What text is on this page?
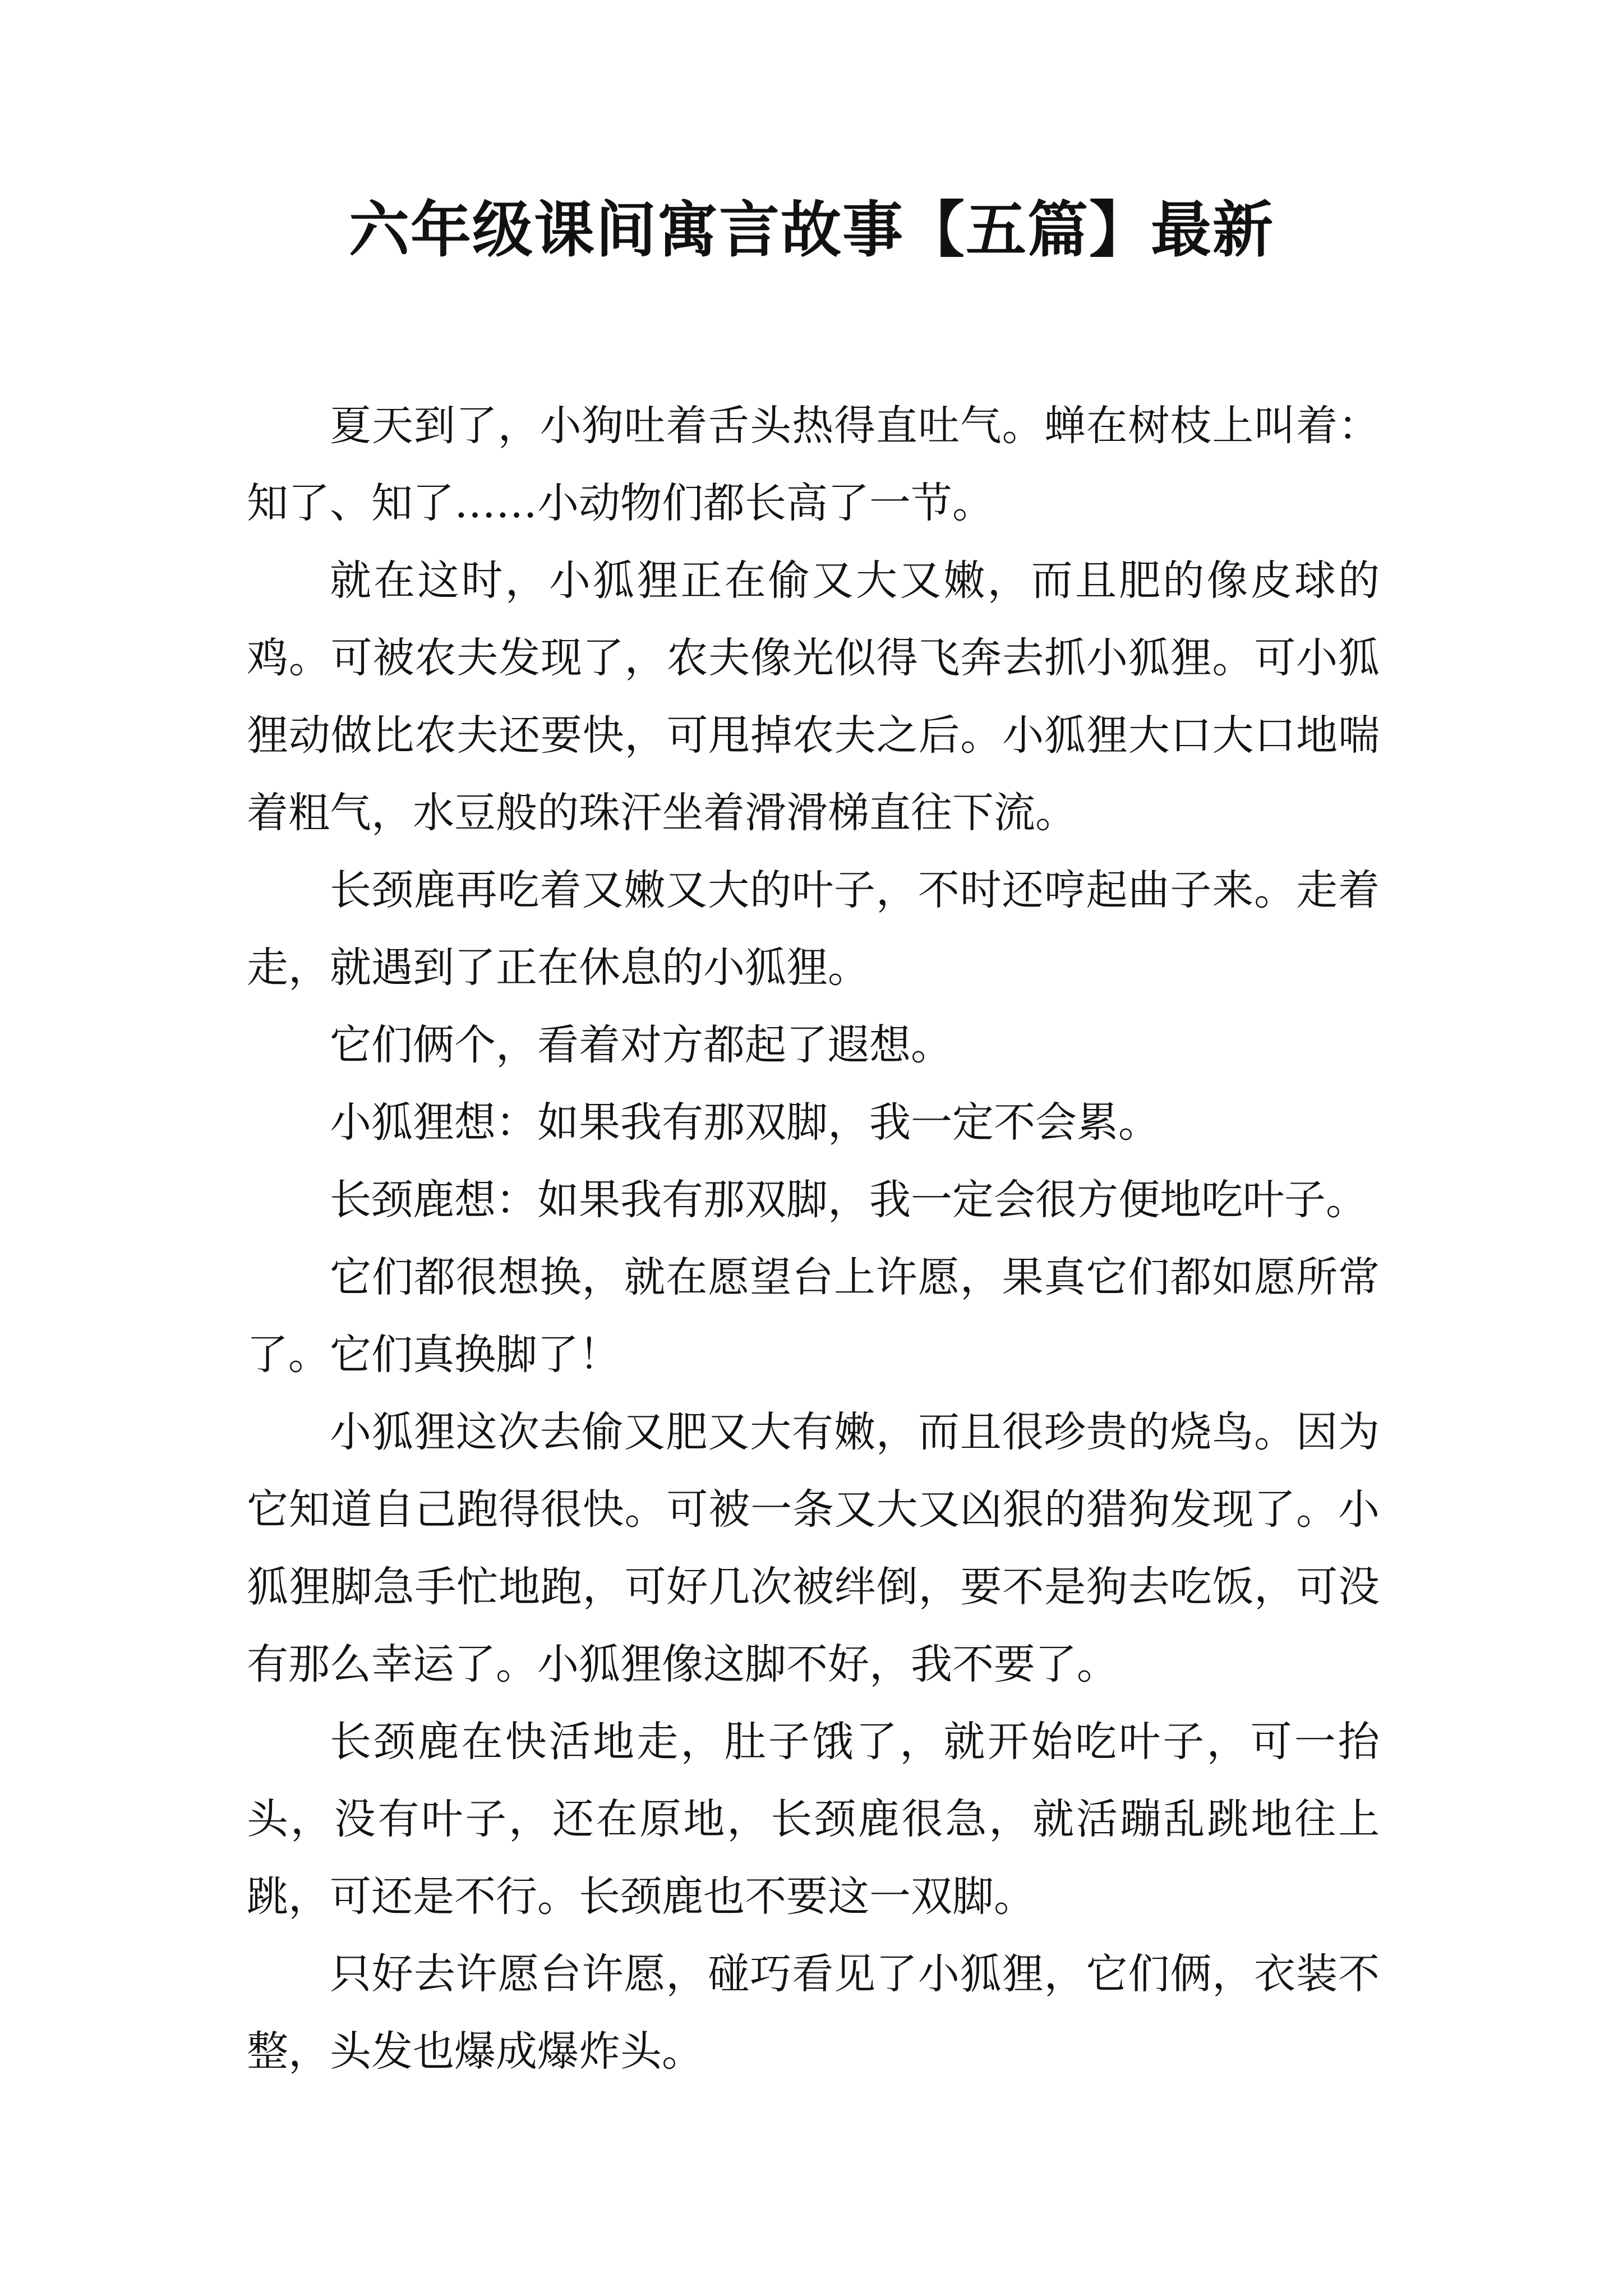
六年级课间寓言故事【五篇】最新

夏天到了，小狗吐着舌头热得直吐气。蝉在树枝上叫着：知了、知了……小动物们都长高了一节。

就在这时，小狐狸正在偷又大又嫩，而且肥的像皮球的鸡。可被农夫发现了，农夫像光似得飞奔去抓小狐狸。可小狐狸动做比农夫还要快，可甩掉农夫之后。小狐狸大口大口地喘着粗气，水豆般的珠汗坐着滑滑梯直往下流。

长颈鹿再吃着又嫩又大的叶子，不时还哼起曲子来。走着走，就遇到了正在休息的小狐狸。

它们俩个，看着对方都起了遐想。

小狐狸想：如果我有那双脚，我一定不会累。

长颈鹿想：如果我有那双脚，我一定会很方便地吃叶子。

它们都很想换，就在愿望台上许愿，果真它们都如愿所常了。它们真换脚了！

小狐狸这次去偷又肥又大有嫩，而且很珍贵的烧鸟。因为它知道自己跑得很快。可被一条又大又凶狠的猎狗发现了。小狐狸脚急手忙地跑，可好几次被绊倒，要不是狗去吃饭，可没有那么幸运了。小狐狸像这脚不好，我不要了。

长颈鹿在快活地走，肚子饿了，就开始吃叶子，可一抬头，没有叶子，还在原地，长颈鹿很急，就活蹦乱跳地往上跳，可还是不行。长颈鹿也不要这一双脚。

只好去许愿台许愿，碰巧看见了小狐狸，它们俩，衣装不整，头发也爆成爆炸头。
